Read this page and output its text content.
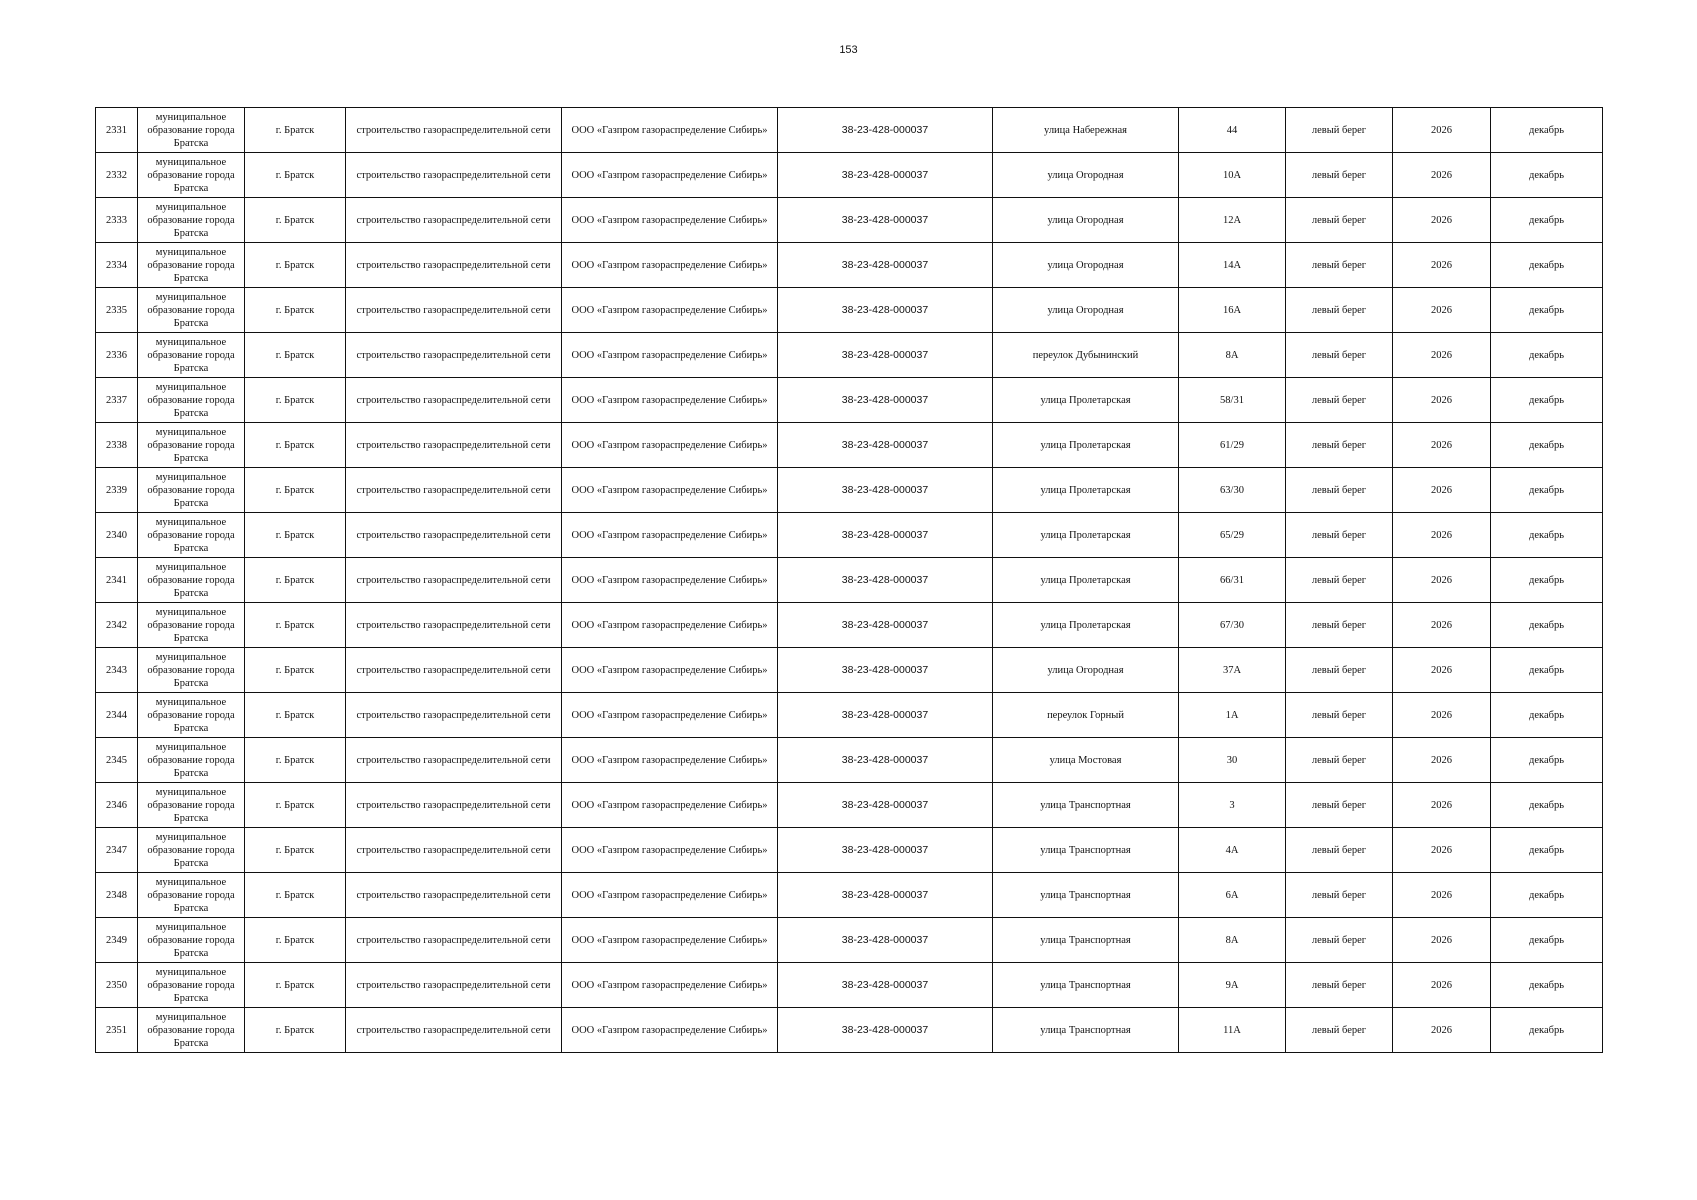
153
2331	муниципальное образование города Братска	г. Братск	строительство газораспределительной сети	ООО «Газпром газораспределение Сибирь»	38-23-428-000037	улица Набережная	44	левый берег	2026	декабрь
2332	муниципальное образование города Братска	г. Братск	строительство газораспределительной сети	ООО «Газпром газораспределение Сибирь»	38-23-428-000037	улица Огородная	10А	левый берег	2026	декабрь
2333	муниципальное образование города Братска	г. Братск	строительство газораспределительной сети	ООО «Газпром газораспределение Сибирь»	38-23-428-000037	улица Огородная	12А	левый берег	2026	декабрь
2334	муниципальное образование города Братска	г. Братск	строительство газораспределительной сети	ООО «Газпром газораспределение Сибирь»	38-23-428-000037	улица Огородная	14А	левый берег	2026	декабрь
2335	муниципальное образование города Братска	г. Братск	строительство газораспределительной сети	ООО «Газпром газораспределение Сибирь»	38-23-428-000037	улица Огородная	16А	левый берег	2026	декабрь
2336	муниципальное образование города Братска	г. Братск	строительство газораспределительной сети	ООО «Газпром газораспределение Сибирь»	38-23-428-000037	переулок Дубынинский	8А	левый берег	2026	декабрь
2337	муниципальное образование города Братска	г. Братск	строительство газораспределительной сети	ООО «Газпром газораспределение Сибирь»	38-23-428-000037	улица Пролетарская	58/31	левый берег	2026	декабрь
2338	муниципальное образование города Братска	г. Братск	строительство газораспределительной сети	ООО «Газпром газораспределение Сибирь»	38-23-428-000037	улица Пролетарская	61/29	левый берег	2026	декабрь
2339	муниципальное образование города Братска	г. Братск	строительство газораспределительной сети	ООО «Газпром газораспределение Сибирь»	38-23-428-000037	улица Пролетарская	63/30	левый берег	2026	декабрь
2340	муниципальное образование города Братска	г. Братск	строительство газораспределительной сети	ООО «Газпром газораспределение Сибирь»	38-23-428-000037	улица Пролетарская	65/29	левый берег	2026	декабрь
2341	муниципальное образование города Братска	г. Братск	строительство газораспределительной сети	ООО «Газпром газораспределение Сибирь»	38-23-428-000037	улица Пролетарская	66/31	левый берег	2026	декабрь
2342	муниципальное образование города Братска	г. Братск	строительство газораспределительной сети	ООО «Газпром газораспределение Сибирь»	38-23-428-000037	улица Пролетарская	67/30	левый берег	2026	декабрь
2343	муниципальное образование города Братска	г. Братск	строительство газораспределительной сети	ООО «Газпром газораспределение Сибирь»	38-23-428-000037	улица Огородная	37А	левый берег	2026	декабрь
2344	муниципальное образование города Братска	г. Братск	строительство газораспределительной сети	ООО «Газпром газораспределение Сибирь»	38-23-428-000037	переулок Горный	1А	левый берег	2026	декабрь
2345	муниципальное образование города Братска	г. Братск	строительство газораспределительной сети	ООО «Газпром газораспределение Сибирь»	38-23-428-000037	улица Мостовая	30	левый берег	2026	декабрь
2346	муниципальное образование города Братска	г. Братск	строительство газораспределительной сети	ООО «Газпром газораспределение Сибирь»	38-23-428-000037	улица Транспортная	3	левый берег	2026	декабрь
2347	муниципальное образование города Братска	г. Братск	строительство газораспределительной сети	ООО «Газпром газораспределение Сибирь»	38-23-428-000037	улица Транспортная	4А	левый берег	2026	декабрь
2348	муниципальное образование города Братска	г. Братск	строительство газораспределительной сети	ООО «Газпром газораспределение Сибирь»	38-23-428-000037	улица Транспортная	6А	левый берег	2026	декабрь
2349	муниципальное образование города Братска	г. Братск	строительство газораспределительной сети	ООО «Газпром газораспределение Сибирь»	38-23-428-000037	улица Транспортная	8А	левый берег	2026	декабрь
2350	муниципальное образование города Братска	г. Братск	строительство газораспределительной сети	ООО «Газпром газораспределение Сибирь»	38-23-428-000037	улица Транспортная	9А	левый берег	2026	декабрь
2351	муниципальное образование города Братска	г. Братск	строительство газораспределительной сети	ООО «Газпром газораспределение Сибирь»	38-23-428-000037	улица Транспортная	11А	левый берег	2026	декабрь
